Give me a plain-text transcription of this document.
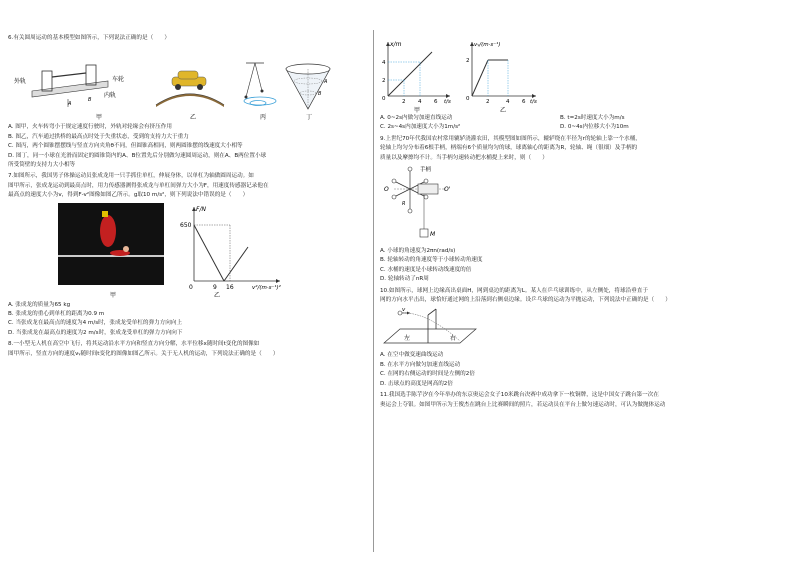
6.有关圆周运动的基本模型如图所示，下列说法正确的是（　　）

外轨	车轮
内轨
A
B
甲	乙	丙
A
B
丁

A. 图甲，火车转弯小于规定速度行驶时，外轨对轮缘会有挤压作用

B. 图乙，汽车通过拱桥的最高点时处于失重状态，受到的支持力大于重力

C. 图丙，两个圆锥摆摆线与竖直方向夹角θ不同，但圆锥高相同，则两圆锥摆的线速度大小相等

D. 图丁，同一小球在光滑而固定的圆锥筒内的A、B位置先后分别做匀速圆周运动，则在A、B两位置小球

所受筒壁的支持力大小相等

7.如图所示，我国男子体操运动员张成龙用一只手抓住单杠，伸展身体，以单杠为轴做圆周运动。如

图甲所示，张成龙运动到最高点时，用力传感器测得张成龙与单杠间弹力大小为F，用速度传感器记录他在

最高点的速度大小为v，得到F-v²图像如图乙所示。g取10 m/s²，则下列说法中错误的是（　　）

甲
F/N
650
0	9 16	v²/(m·s⁻¹)²
乙

A. 张成龙的质量为65 kg

B. 张成龙的重心到单杠的距离为0.9 m

C. 当张成龙在最高点的速度为4 m/s时，张成龙受单杠的弹力方向向上

D. 当张成龙在最高点的速度为2 m/s时，张成龙受单杠的弹力方向向下

8.一小型无人机在高空中飞行，将其运动沿水平方向和竖直方向分解，水平位移x随时间t变化的图像如

图甲所示，竖直方向的速度vᵧ随时间t变化的图像如图乙所示。关于无人机的运动，下列说法正确的是（　　）

x/m
0
2
4
2 4 6 t/s
甲
vᵧ/(m·s⁻¹)
0
2
2	4 6 t/s
乙

A. 0~2s内做匀加速直线运动	B. t=2s时速度大小为m/s

C. 2s~4s内加速度大小为1m/s²	D. 0~4s内位移大小为10m

9.上世纪70年代我国农村常用辘轳浇灌农田，其模型图如图所示，辘轳绕在半径为r的轮轴上靠一个水桶，

轮轴上均匀分布着6根手柄，柄端有6个质量均匀的球，球离轴心的距离为R，轮轴、绳（很细）及手柄的

质量以及摩擦均不计。当手柄匀速转动把水桶提上来时，则（　　）

手柄
O	O'
R
M

A. 小球的角速度为2πn(rad/s)

B. 轮轴转动的角速度等于小球转动角速度

C. 水桶的速度是小球转动线速度的倍

D. 轮轴转动了nR周

10.如图所示，球网上边缘高出桌面H，网到桌边的距离为L。某人在乒乓球训练中，从左侧处，将球沿垂直于

网的方向水平击出，球恰好通过网的上沿落到右侧桌边缘。设乒乓球的运动为平抛运动，下列说法中正确的是（　　）

v
左	右

A. 在空中做变速曲线运动

B. 在水平方向做匀加速直线运动

C. 在网的右侧运动的时间是左侧的2倍

D. 击球点的高度是网高的2倍

11.我国选手陈芋汐在今年举办的东京奥运会女子10米跳台决赛中成功拿下一枚铜牌，这是中国女子跳台第一次在

奥运会上夺银。如图甲所示为王俊杰在跳台上比赛瞬间的照片，若运动员在平台上做匀速运动时，可认为做抛体运动
